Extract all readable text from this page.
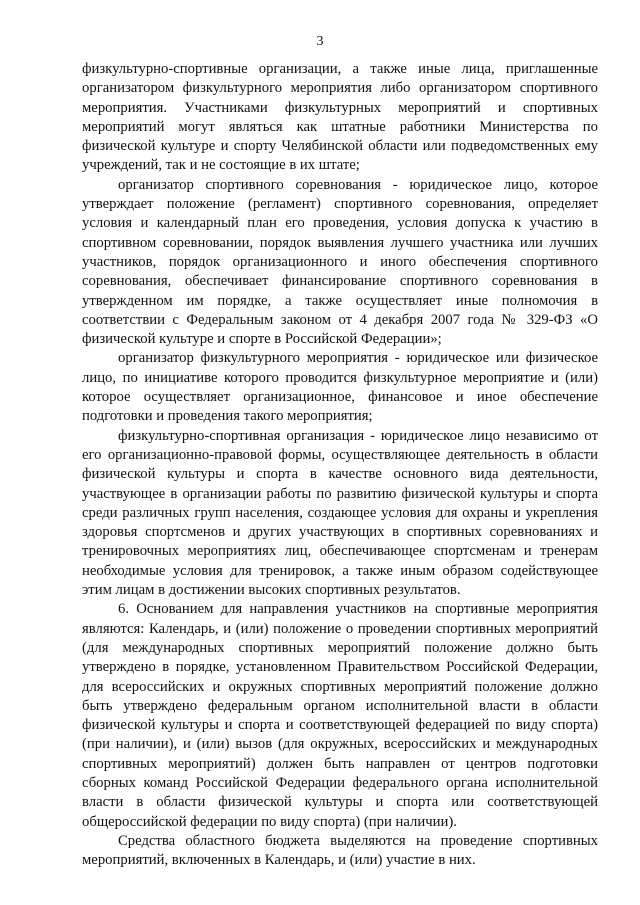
3

физкультурно-спортивные организации, а также иные лица, приглашенные организатором физкультурного мероприятия либо организатором спортивного мероприятия. Участниками физкультурных мероприятий и спортивных мероприятий могут являться как штатные работники Министерства по физической культуре и спорту Челябинской области или подведомственных ему учреждений, так и не состоящие в их штате;

организатор спортивного соревнования - юридическое лицо, которое утверждает положение (регламент) спортивного соревнования, определяет условия и календарный план его проведения, условия допуска к участию в спортивном соревновании, порядок выявления лучшего участника или лучших участников, порядок организационного и иного обеспечения спортивного соревнования, обеспечивает финансирование спортивного соревнования в утвержденном им порядке, а также осуществляет иные полномочия в соответствии с Федеральным законом от 4 декабря 2007 года № 329-ФЗ «О физической культуре и спорте в Российской Федерации»;

организатор физкультурного мероприятия - юридическое или физическое лицо, по инициативе которого проводится физкультурное мероприятие и (или) которое осуществляет организационное, финансовое и иное обеспечение подготовки и проведения такого мероприятия;

физкультурно-спортивная организация - юридическое лицо независимо от его организационно-правовой формы, осуществляющее деятельность в области физической культуры и спорта в качестве основного вида деятельности, участвующее в организации работы по развитию физической культуры и спорта среди различных групп населения, создающее условия для охраны и укрепления здоровья спортсменов и других участвующих в спортивных соревнованиях и тренировочных мероприятиях лиц, обеспечивающее спортсменам и тренерам необходимые условия для тренировок, а также иным образом содействующее этим лицам в достижении высоких спортивных результатов.

6. Основанием для направления участников на спортивные мероприятия являются: Календарь, и (или) положение о проведении спортивных мероприятий (для международных спортивных мероприятий положение должно быть утверждено в порядке, установленном Правительством Российской Федерации, для всероссийских и окружных спортивных мероприятий положение должно быть утверждено федеральным органом исполнительной власти в области физической культуры и спорта и соответствующей федерацией по виду спорта) (при наличии), и (или) вызов (для окружных, всероссийских и международных спортивных мероприятий) должен быть направлен от центров подготовки сборных команд Российской Федерации федерального органа исполнительной власти в области физической культуры и спорта или соответствующей общероссийской федерации по виду спорта) (при наличии).

Средства областного бюджета выделяются на проведение спортивных мероприятий, включенных в Календарь, и (или) участие в них.
